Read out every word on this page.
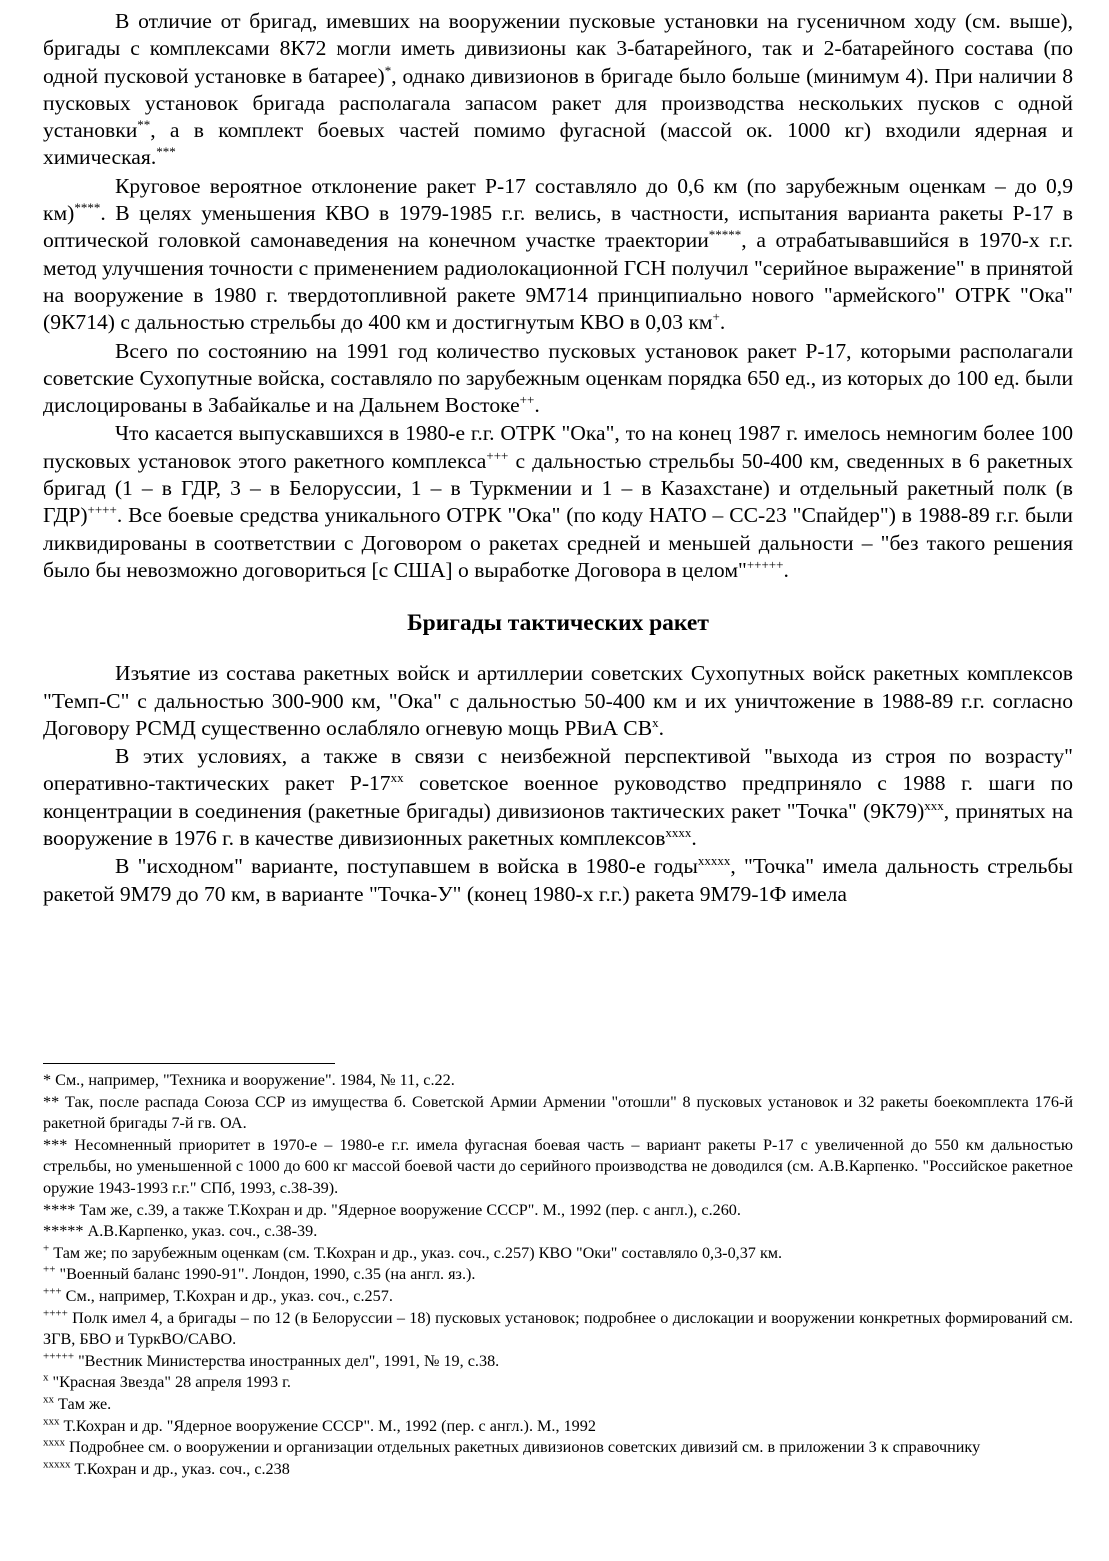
В отличие от бригад, имевших на вооружении пусковые установки на гусеничном ходу (см. выше), бригады с комплексами 8К72 могли иметь дивизионы как 3-батарейного, так и 2-батарейного состава (по одной пусковой установке в батарее)*, однако дивизионов в бригаде было больше (минимум 4). При наличии 8 пусковых установок бригада располагала запасом ракет для производства нескольких пусков с одной установки**, а в комплект боевых частей помимо фугасной (массой ок. 1000 кг) входили ядерная и химическая.***

Круговое вероятное отклонение ракет Р-17 составляло до 0,6 км (по зарубежным оценкам – до 0,9 км)****. В целях уменьшения КВО в 1979-1985 г.г. велись, в частности, испытания варианта ракеты Р-17 в оптической головкой самонаведения на конечном участке траектории*****, а отрабатывавшийся в 1970-х г.г. метод улучшения точности с применением радиолокационной ГСН получил "серийное выражение" в принятой на вооружение в 1980 г. твердотопливной ракете 9М714 принципиально нового "армейского" ОТРК "Ока" (9К714) с дальностью стрельбы до 400 км и достигнутым КВО в 0,03 км+.

Всего по состоянию на 1991 год количество пусковых установок ракет Р-17, которыми располагали советские Сухопутные войска, составляло по зарубежным оценкам порядка 650 ед., из которых до 100 ед. были дислоцированы в Забайкалье и на Дальнем Востоке++.

Что касается выпускавшихся в 1980-е г.г. ОТРК "Ока", то на конец 1987 г. имелось немногим более 100 пусковых установок этого ракетного комплекса+++ с дальностью стрельбы 50-400 км, сведенных в 6 ракетных бригад (1 – в ГДР, 3 – в Белоруссии, 1 – в Туркмении и 1 – в Казахстане) и отдельный ракетный полк (в ГДР)++++. Все боевые средства уникального ОТРК "Ока" (по коду НАТО – СС-23 "Спайдер") в 1988-89 г.г. были ликвидированы в соответствии с Договором о ракетах средней и меньшей дальности – "без такого решения было бы невозможно договориться [с США] о выработке Договора в целом"+++++.

Бригады тактических ракет

Изъятие из состава ракетных войск и артиллерии советских Сухопутных войск ракетных комплексов "Темп-С" с дальностью 300-900 км, "Ока" с дальностью 50-400 км и их уничтожение в 1988-89 г.г. согласно Договору РСМД существенно ослабляло огневую мощь РВиА $СВ^x$.

В этих условиях, а также в связи с неизбежной перспективой "выхода из строя по возрасту" оперативно-тактических ракет Р-17$^{xx}$ советское военное руководство предприняло с 1988 г. шаги по концентрации в соединения (ракетные бригады) дивизионов тактических ракет "Точка" $(9К79)^{xxx}$, принятых на вооружение в 1976 г. в качестве дивизионных ракетных комплексов$^{xxxx}$.

В "исходном" варианте, поступавшем в войска в 1980-е годы$^{xxxxx}$, "Точка" имела дальность стрельбы ракетой 9М79 до 70 км, в варианте "Точка-У" (конец 1980-х г.г.) ракета 9М79-1Ф имела

* См., например, "Техника и вооружение". 1984, № 11, с.22.

** Так, после распада Союза ССР из имущества б. Советской Армии Армении "отошли" 8 пусковых установок и 32 ракеты боекомплекта 176-й ракетной бригады 7-й гв. ОА.

*** Несомненный приоритет в 1970-е – 1980-е г.г. имела фугасная боевая часть – вариант ракеты Р-17 с увеличенной до 550 км дальностью стрельбы, но уменьшенной с 1000 до 600 кг массой боевой части до серийного производства не доводился (см. А.В.Карпенко. "Российское ракетное оружие 1943-1993 г.г." СПб, 1993, с.38-39).

**** Там же, с.39, а также Т.Кохран и др. "Ядерное вооружение СССР". М., 1992 (пер. с англ.), с.260.

***** А.В.Карпенко, указ. соч., с.38-39.

+ Там же; по зарубежным оценкам (см. Т.Кохран и др., указ. соч., с.257) КВО "Оки" составляло 0,3-0,37 км.

++ "Военный баланс 1990-91". Лондон, 1990, с.35 (на англ. яз.).

+++ См., например, Т.Кохран и др., указ. соч., с.257.

++++ Полк имел 4, а бригады – по 12 (в Белоруссии – 18) пусковых установок; подробнее о дислокации и вооружении конкретных формирований см. ЗГВ, БВО и ТуркВО/САВО.

+++++ "Вестник Министерства иностранных дел", 1991, № 19, с.38.

$^x$ "Красная Звезда" 28 апреля 1993 г.

$^{xx}$ Там же.

$^{xxx}$ Т.Кохран и др. "Ядерное вооружение СССР". М., 1992 (пер. с англ.). М., 1992

$^{xxxx}$ Подробнее см. о вооружении и организации отдельных ракетных дивизионов советских дивизий см. в приложении 3 к справочнику

$^{xxxxx}$ Т.Кохран и др., указ. соч., с.238
